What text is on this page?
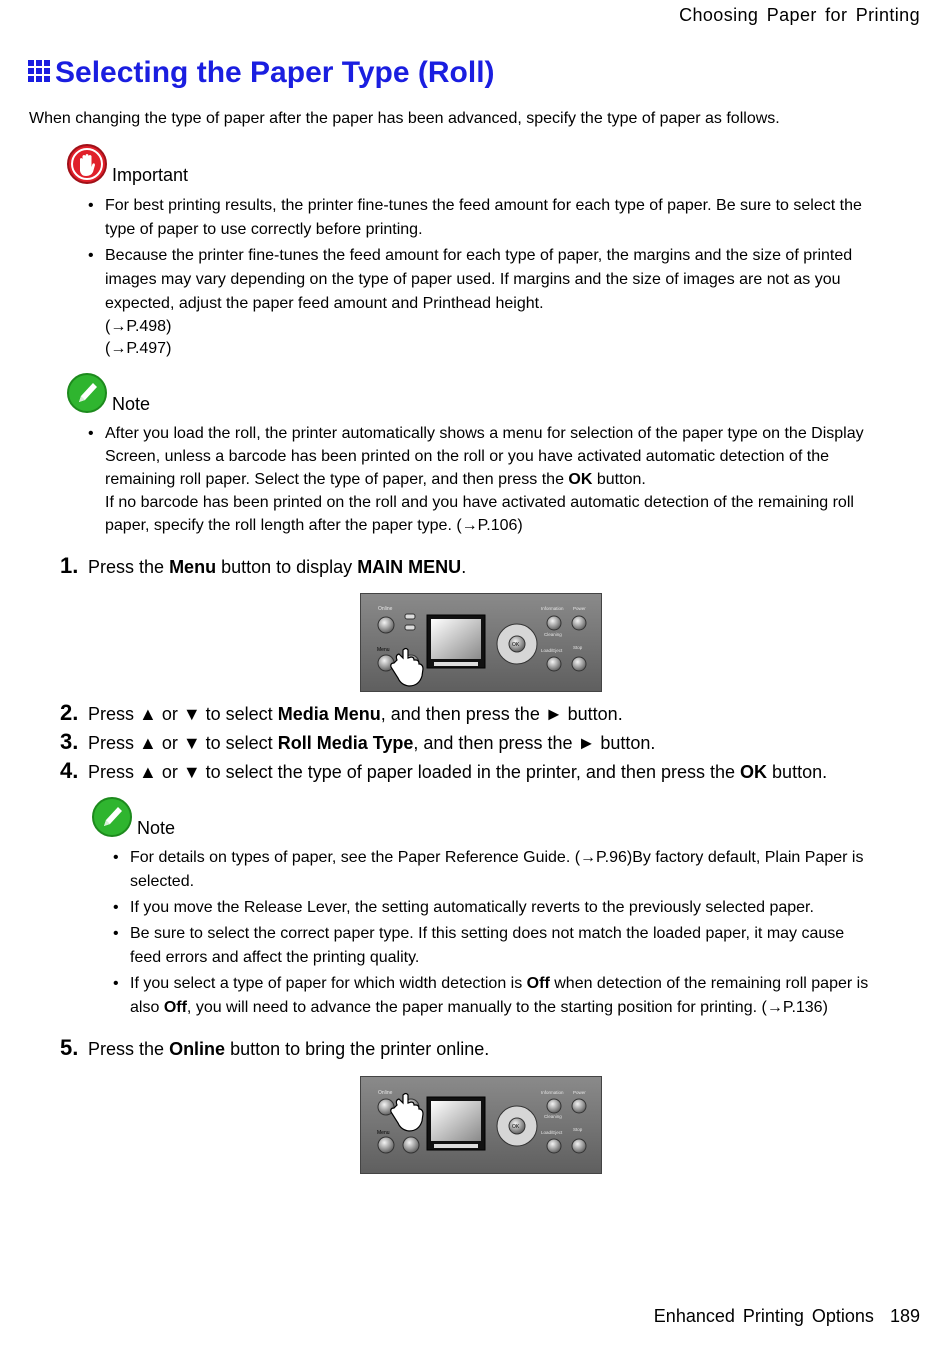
Choosing Paper for Printing
Selecting the Paper Type (Roll)
When changing the type of paper after the paper has been advanced, specify the type of paper as follows.
Important
• For best printing results, the printer fine-tunes the feed amount for each type of paper. Be sure to select the type of paper to use correctly before printing.
• Because the printer fine-tunes the feed amount for each type of paper, the margins and the size of printed images may vary depending on the type of paper used. If margins and the size of images are not as you expected, adjust the paper feed amount and Printhead height.
(→P.498)
(→P.497)
Note
• After you load the roll, the printer automatically shows a menu for selection of the paper type on the Display Screen, unless a barcode has been printed on the roll or you have activated automatic detection of the remaining roll paper. Select the type of paper, and then press the OK button.
If no barcode has been printed on the roll and you have activated automatic detection of the remaining roll paper, specify the roll length after the paper type. (→P.106)
1. Press the
Menu
button to display
MAIN MENU .
Online
Menu
OK
Information Power
Cleaning
Load/Eject
Stop
2. Press ▲ or ▼ to select
Media Menu , and then press the ► button.
3. Press ▲ or ▼ to select
Roll Media Type , and then press the ► button.
4. Press ▲ or ▼ to select the type of paper loaded in the printer, and then press the
OK
button.
Note
• For details on types of paper, see the Paper Reference Guide. (→P.96)By factory default, Plain Paper is selected.
• If you move the Release Lever, the setting automatically reverts to the previously selected paper.
• Be sure to select the correct paper type. If this setting does not match the loaded paper, it may cause feed errors and affect the printing quality.
• If you select a type of paper for which width detection is Off when detection of the remaining roll paper is also Off, you will need to advance the paper manually to the starting position for printing. (→P.136)
5. Press the
Online
button to bring the printer online.
Online
Menu
OK
Information Power
Cleaning
Load/Eject
Stop
Enhanced Printing Options 189
